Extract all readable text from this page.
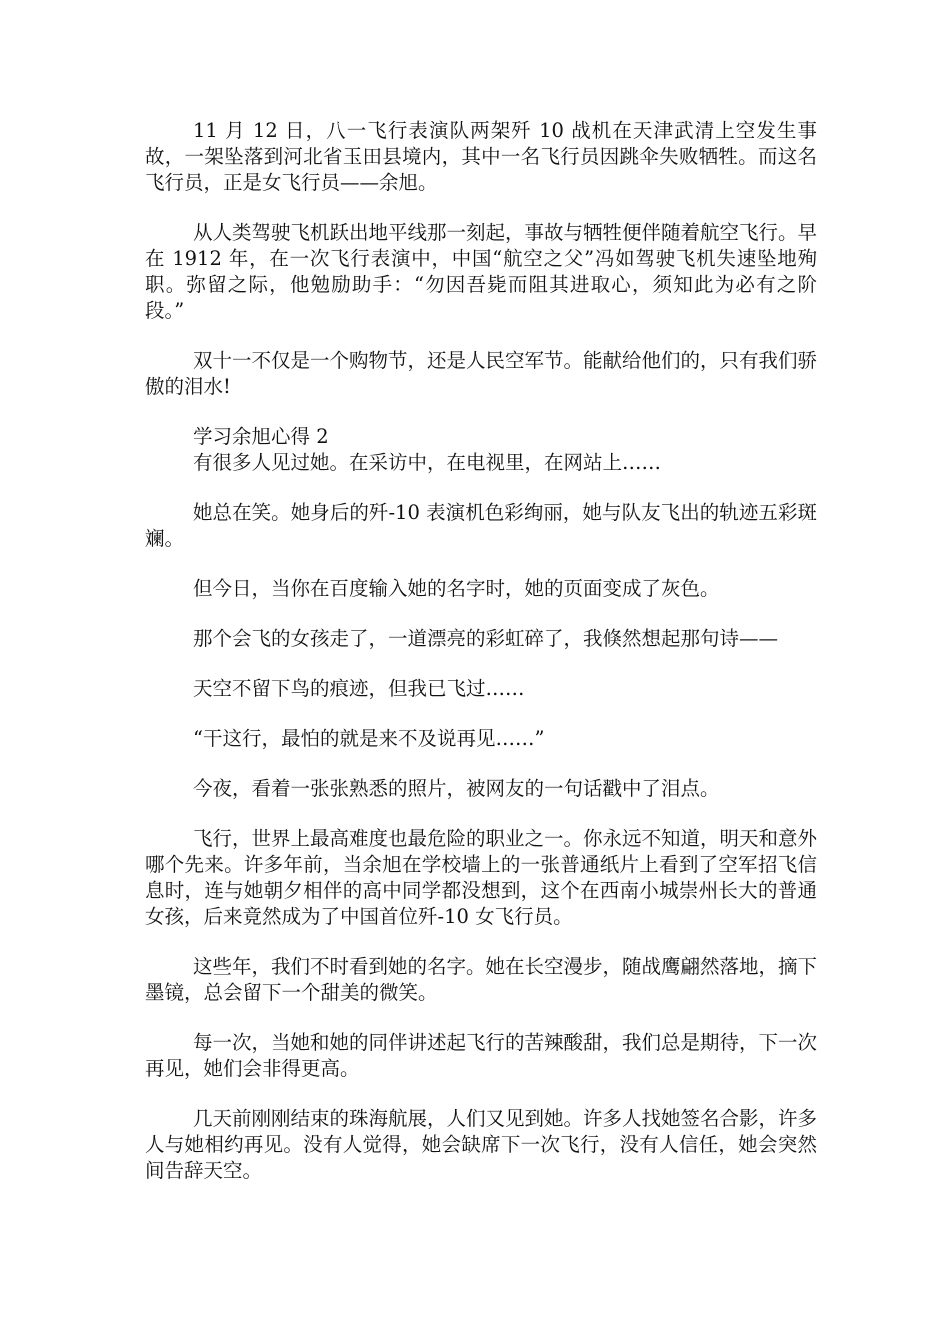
11 月 12 日，八一飞行表演队两架歼 10 战机在天津武清上空发生事故，一架坠落到河北省玉田县境内，其中一名飞行员因跳伞失败牺牲。而这名飞行员，正是女飞行员——余旭。

从人类驾驶飞机跃出地平线那一刻起，事故与牺牲便伴随着航空飞行。早在 1912 年，在一次飞行表演中，中国“航空之父”冯如驾驶飞机失速坠地殉职。弥留之际，他勉励助手：“勿因吾毙而阻其进取心，须知此为必有之阶段。”

双十一不仅是一个购物节，还是人民空军节。能献给他们的，只有我们骄傲的泪水!

学习余旭心得 2

有很多人见过她。在采访中，在电视里，在网站上……

她总在笑。她身后的歼-10 表演机色彩绚丽，她与队友飞出的轨迹五彩斑斓。

但今日，当你在百度输入她的名字时，她的页面变成了灰色。

那个会飞的女孩走了，一道漂亮的彩虹碎了，我倏然想起那句诗——

天空不留下鸟的痕迹，但我已飞过……

“干这行，最怕的就是来不及说再见……”

今夜，看着一张张熟悉的照片，被网友的一句话戳中了泪点。

飞行，世界上最高难度也最危险的职业之一。你永远不知道，明天和意外哪个先来。许多年前，当余旭在学校墙上的一张普通纸片上看到了空军招飞信息时，连与她朝夕相伴的高中同学都没想到，这个在西南小城崇州长大的普通女孩，后来竟然成为了中国首位歼-10 女飞行员。

这些年，我们不时看到她的名字。她在长空漫步，随战鹰翩然落地，摘下墨镜，总会留下一个甜美的微笑。

每一次，当她和她的同伴讲述起飞行的苦辣酸甜，我们总是期待，下一次再见，她们会非得更高。

几天前刚刚结束的珠海航展，人们又见到她。许多人找她签名合影，许多人与她相约再见。没有人觉得，她会缺席下一次飞行，没有人信任，她会突然间告辞天空。
